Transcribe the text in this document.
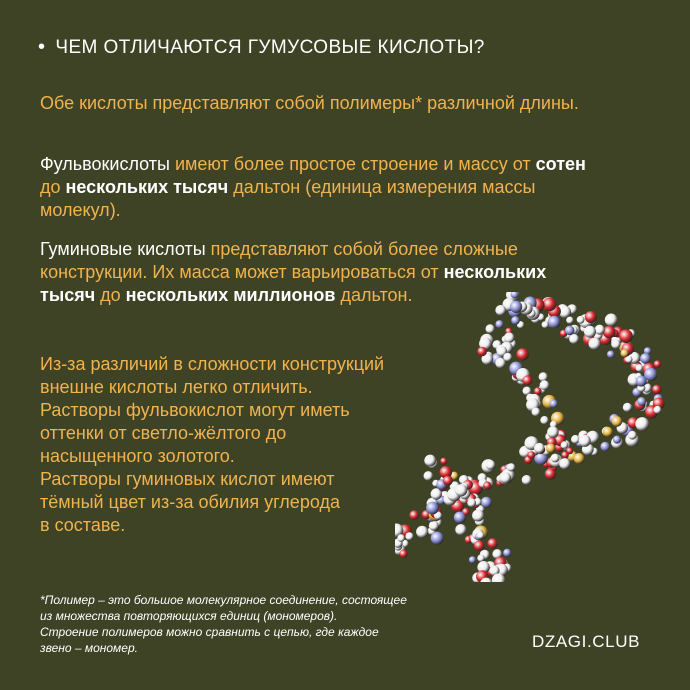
• ЧЕМ ОТЛИЧАЮТСЯ ГУМУСОВЫЕ КИСЛОТЫ?
Обе кислоты представляют собой полимеры* различной длины.
Фульвокислоты имеют более простое строение и массу от сотен до нескольких тысяч дальтон (единица измерения массы молекул).
Гуминовые кислоты представляют собой более сложные конструкции. Их масса может варьироваться от нескольких тысяч до нескольких миллионов дальтон.
Из-за различий в сложности конструкций
внешне кислоты легко отличить.
Растворы фульвокислот могут иметь
оттенки от светло-жёлтого до
насыщенного золотого.
Растворы гуминовых кислот имеют
тёмный цвет из-за обилия углерода
в составе.
*Полимер – это большое молекулярное соединение, состоящее
из множества повторяющихся единиц (мономеров).
Строение полимеров можно сравнить с цепью, где каждое
звено – мономер.	DZAGI.CLUB
